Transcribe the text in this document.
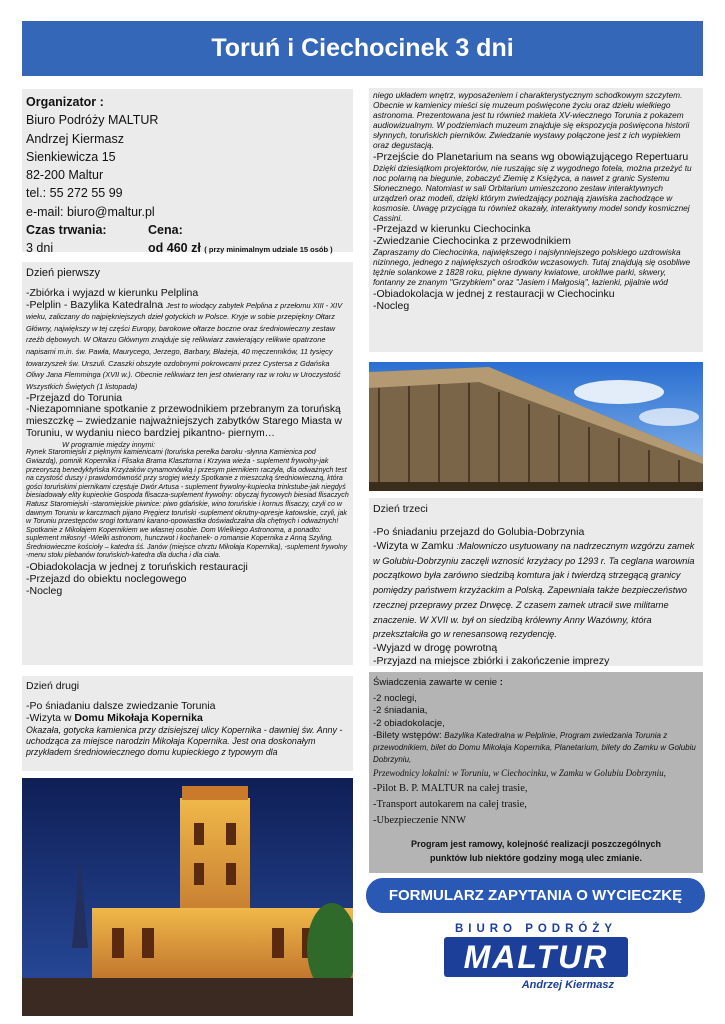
Toruń i Ciechocinek 3 dni
Organizator :
Biuro Podróży MALTUR
Andrzej Kiermasz
Sienkiewicza 15
82-200 Maltur
tel.: 55 272 55 99
e-mail: biuro@maltur.pl
Czas trwania:	Cena:
3 dni	od 460 zł ( przy minimalnym udziale 15 osób )
Dzień pierwszy
-Zbiórka i wyjazd w kierunku Pelplina
-Pelplin - Bazylika Katedralna Jest to wiodący zabytek Pelplina z przełomu XIII - XIV wieku, zaliczany do najpiękniejszych dzieł gotyckich w Polsce. Kryje w sobie przepiękny Ołtarz Główny, największy w tej części Europy, barokowe ołtarze boczne oraz średniowieczny zestaw rzeźb dębowych. W Ołtarzu Głównym znajduje się relikwiarz zawierający relikwie opatrzone napisami m.in. św. Pawła, Maurycego, Jerzego, Barbary, Błażeja, 40 męczenników, 11 tysięcy towarzyszek św. Urszuli. Czaszki obszyte ozdobnymi pokrowcami przez Cystersa z Gdańska Oliwy Jana Flemminga (XVII w.). Obecnie relikwiarz ten jest otwierany raz w roku w Uroczystość Wszystkich Świętych (1 listopada)
-Przejazd do Torunia
-Niezapomniane spotkanie z przewodnikiem przebranym za toruńską mieszczkę – zwiedzanie najważniejszych zabytków Starego Miasta w Toruniu, w wydaniu nieco bardziej pikantno- piernym…
W programie między innymi:
Rynek Staromiejski z pięknymi kamienicami (toruńska perełka baroku -słynna Kamienica pod Gwiazdą), pomnik Kopernika i Flisaka Brama Klasztorna i Krzywa wieża - suplement frywolny-jak przeoryszą benedyktyńska Krzyżaków cynamonówką i przesym piernikiem raczyła, dla odważnych test na czystość duszy i prawdomówność przy srogiej wieży Spotkanie z mieszczką średniowieczną, która gości toruńskimi piernikami częstuje Dwór Artusa - suplement frywolny-kupiecka trinkstube-jak niegdyś biesiadowały elity kupieckie Gospoda flisacza-suplement frywolny: obyczaj frycowych biesiad flisaczych Ratusz Staromiejski -staromiejskie piwnice: piwo gdańskie, wino toruńskie i kornus flisaczy, czyli co w dawnym Toruniu w karczmach pijano Pręgierz toruński -suplement okrutny-opresje katowskie, czyli, jak w Toruniu przestępców srogi torturami karano-opowiastka doświadczalna dla chętnych i odważnych! Spotkanie z Mikołajem Kopernikiem we własnej osobie. Dom Wielkiego Astronoma, a ponadto: suplement miłosny! -Wielki astronom, hunczwot i kochanek- o romansie Kopernika z Anną Szyling. Średniowieczne kościoły – katedra śś. Janów (miejsce chrztu Mikołaja Kopernika), -suplement frywolny -menu stołu plebanów toruńskich-katedra dla ducha i dla ciała.
-Obiadokolacja w jednej z toruńskich restauracji
-Przejazd do obiektu noclegowego
-Nocleg
niego układem wnętrz, wyposażeniem i charakterystycznym schodkowym szczytem. Obecnie w kamienicy mieści się muzeum poświęcone życiu oraz dziełu wielkiego astronoma. Prezentowana jest tu również makieta XV-wiecznego Torunia z pokazem audiowizualnym. W podziemiach muzeum znajduje się ekspozycja poświęcona historii słynnych, toruńskich pierników. Zwiedzanie wystawy połączone jest z ich wypiekiem oraz degustacją.
-Przejście do Planetarium na seans wg obowiązującego Repertuaru
Dzięki dziesiątkom projektorów, nie ruszając się z wygodnego fotela, można przeżyć tu noc polarną na biegunie, zobaczyć Ziemię z Księżyca, a nawet z granic Systemu Słonecznego. Natomiast w sali Orbitarium umieszczono zestaw interaktywnych urządzeń oraz modeli, dzięki którym zwiedzający poznają zjawiska zachodzące w kosmosie. Uwagę przyciąga tu również okazały, interaktywny model sondy kosmicznej Cassini.
-Przejazd w kierunku Ciechocinka
-Zwiedzanie Ciechocinka z przewodnikiem
Zapraszamy do Ciechocinka, największego i najsłynniejszego polskiego uzdrowiska nizinnego, jednego z największych ośrodków wczasowych. Tutaj znajdują się osobliwe tężnie solankowe z 1828 roku, piękne dywany kwiatowe, uroklIwe parki, skwery, fontanny ze znanym "Grzybkiem" oraz "Jasiem i Małgosią", łazienki, pijalnie wód
-Obiadokolacja w jednej z restauracji w Ciechocinku
-Nocleg
Dzień trzeci
-Po śniadaniu przejazd do Golubia-Dobrzynia
-Wizyta w Zamku :Malowniczo usytuowany na nadrzecznym wzgórzu zamek w Golubiu-Dobrzyniu zaczęli wznosić krzyżacy po 1293 r. Ta ceglana warownia początkowo była zarówno siedzibą komtura jak i twierdzą strzegącą granicy pomiędzy państwem krzyżackim a Polską. Zapewniała także bezpieczeństwo rzecznej przeprawy przez Drwęcę. Z czasem zamek utracił swe militarne znaczenie. W XVII w. był on siedzibą królewny Anny Wazówny, która przekształciła go w renesansową rezydencję.
-Wyjazd w drogę powrotną
-Przyjazd na miejsce zbiórki i zakończenie imprezy
Dzień drugi
-Po śniadaniu dalsze zwiedzanie Torunia
-Wizyta w Domu Mikołaja Kopernika
Okazała, gotycka kamienica przy dzisiejszej ulicy Kopernika - dawniej św. Anny - uchodząca za miejsce narodzin Mikołaja Kopernika. Jest ona doskonałym przykładem średniowiecznego domu kupieckiego z typowym dla
Świadczenia zawarte w cenie :
-2 noclegi,
-2 śniadania,
-2 obiadokolacje,
-Bilety wstępów: Bazylika Katedralna w Pelplinie, Program zwiedzania Torunia z przewodnikiem, bilet do Domu Mikołaja Kopernika, Planetarium, bilety do Zamku w Golubiu Dobrzyniu,
Przewodnicy lokalni: w Toruniu, w Ciechocinku, w Zamku w Golubiu Dobrzyniu,
-Pilot B. P. MALTUR na całej trasie,
-Transport autokarem na całej trasie,
-Ubezpieczenie NNW
Program jest ramowy, kolejność realizacji poszczególnych punktów lub niektóre godziny mogą ulec zmianie.
FORMULARZ ZAPYTANIA O WYCIECZKĘ
BIURO PODRÓŻY
MALTUR
Andrzej Kiermasz
